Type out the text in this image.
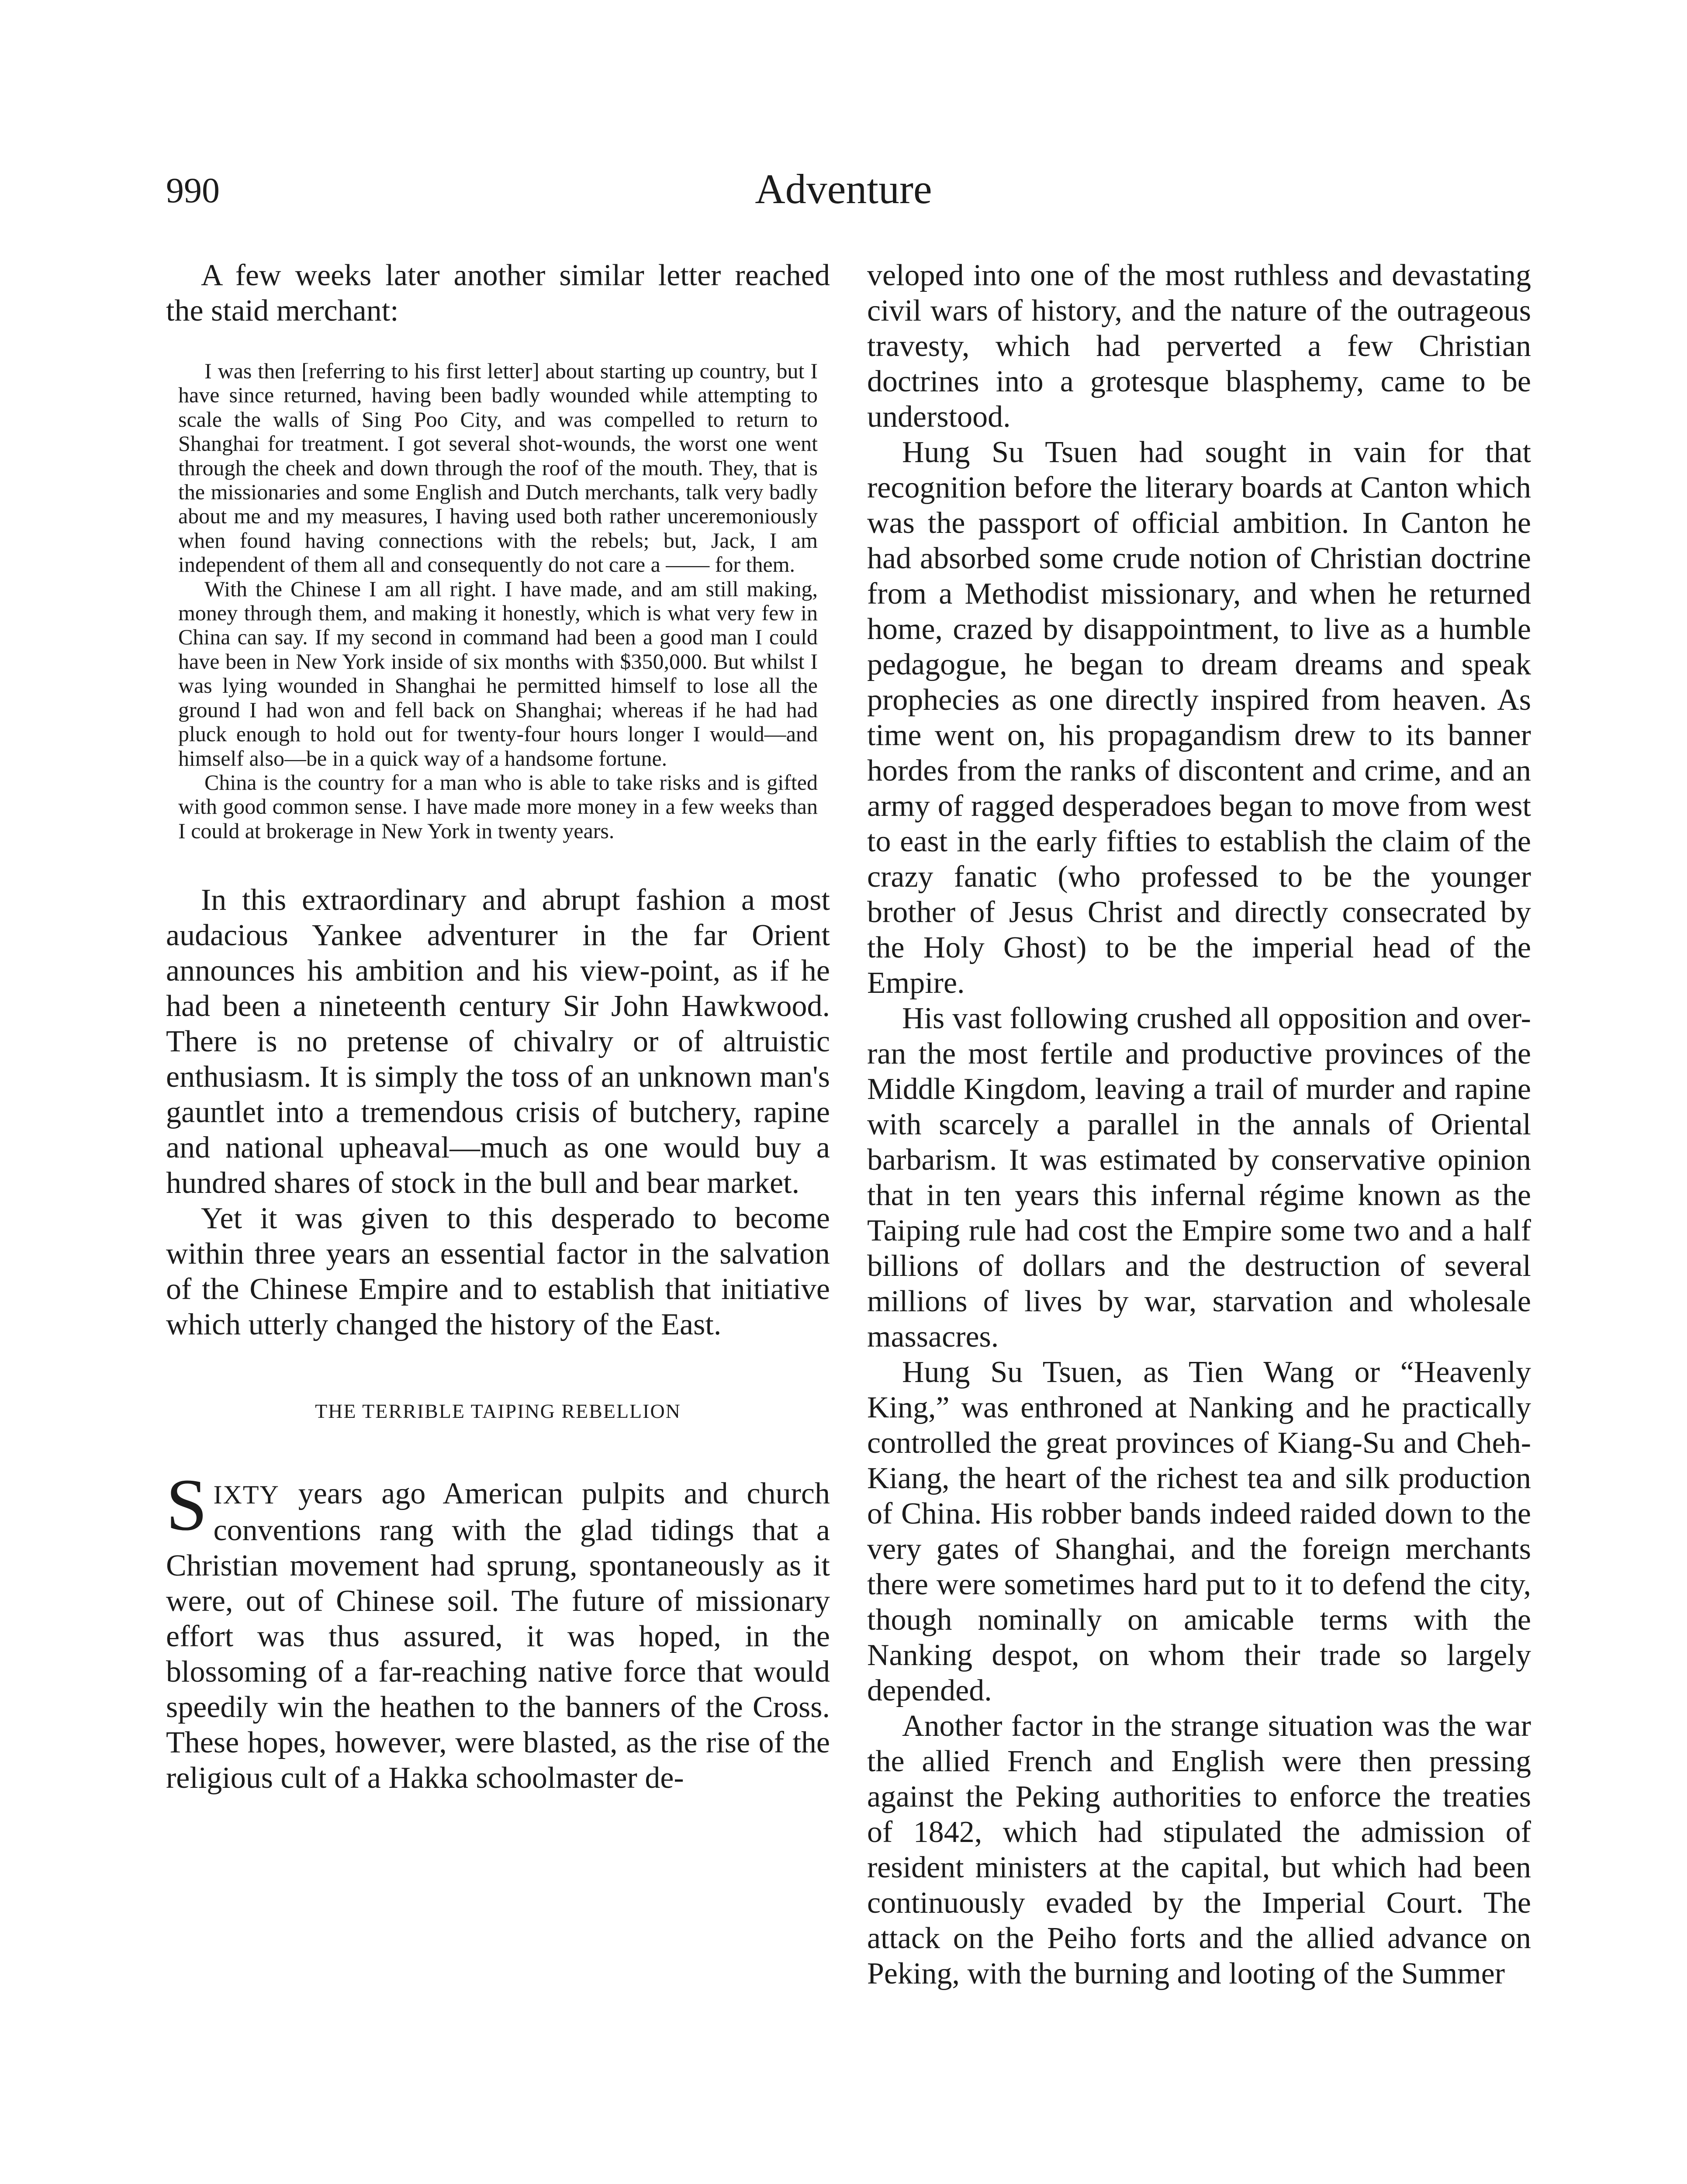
990	Adventure

A few weeks later another similar letter reached the staid merchant:

I was then [referring to his first letter] about starting up country, but I have since returned, having been badly wounded while attempting to scale the walls of Sing Poo City, and was compelled to return to Shanghai for treatment. I got several shot-wounds, the worst one went through the cheek and down through the roof of the mouth. They, that is the missionaries and some English and Dutch merchants, talk very badly about me and my measures, I having used both rather unceremoniously when found having connections with the rebels; but, Jack, I am independent of them all and consequently do not care a —— for them.

With the Chinese I am all right. I have made, and am still making, money through them, and making it honestly, which is what very few in China can say. If my second in command had been a good man I could have been in New York inside of six months with $350,000. But whilst I was lying wounded in Shanghai he permitted himself to lose all the ground I had won and fell back on Shanghai; whereas if he had had pluck enough to hold out for twenty-four hours longer I would—and himself also—be in a quick way of a handsome fortune.

China is the country for a man who is able to take risks and is gifted with good common sense. I have made more money in a few weeks than I could at brokerage in New York in twenty years.

In this extraordinary and abrupt fashion a most audacious Yankee adventurer in the far Orient announces his ambition and his view-point, as if he had been a nineteenth century Sir John Hawkwood. There is no pretense of chivalry or of altruistic enthusiasm. It is simply the toss of an unknown man's gauntlet into a tremendous crisis of butchery, rapine and national upheaval—much as one would buy a hundred shares of stock in the bull and bear market.

Yet it was given to this desperado to become within three years an essential factor in the salvation of the Chinese Empire and to establish that initiative which utterly changed the history of the East.

THE TERRIBLE TAIPING REBELLION

SIXTY years ago American pulpits and church conventions rang with the glad tidings that a Christian movement had sprung, spontaneously as it were, out of Chinese soil. The future of missionary effort was thus assured, it was hoped, in the blossoming of a far-reaching native force that would speedily win the heathen to the banners of the Cross. These hopes, however, were blasted, as the rise of the religious cult of a Hakka schoolmaster de-

veloped into one of the most ruthless and devastating civil wars of history, and the nature of the outrageous travesty, which had perverted a few Christian doctrines into a grotesque blasphemy, came to be understood.

Hung Su Tsuen had sought in vain for that recognition before the literary boards at Canton which was the passport of official ambition. In Canton he had absorbed some crude notion of Christian doctrine from a Methodist missionary, and when he returned home, crazed by disappointment, to live as a humble pedagogue, he began to dream dreams and speak prophecies as one directly inspired from heaven. As time went on, his propagandism drew to its banner hordes from the ranks of discontent and crime, and an army of ragged desperadoes began to move from west to east in the early fifties to establish the claim of the crazy fanatic (who professed to be the younger brother of Jesus Christ and directly consecrated by the Holy Ghost) to be the imperial head of the Empire.

His vast following crushed all opposition and over-ran the most fertile and productive provinces of the Middle Kingdom, leaving a trail of murder and rapine with scarcely a parallel in the annals of Oriental barbarism. It was estimated by conservative opinion that in ten years this infernal régime known as the Taiping rule had cost the Empire some two and a half billions of dollars and the destruction of several millions of lives by war, starvation and wholesale massacres.

Hung Su Tsuen, as Tien Wang or “Heavenly King,” was enthroned at Nanking and he practically controlled the great provinces of Kiang-Su and Cheh-Kiang, the heart of the richest tea and silk production of China. His robber bands indeed raided down to the very gates of Shanghai, and the foreign merchants there were sometimes hard put to it to defend the city, though nominally on amicable terms with the Nanking despot, on whom their trade so largely depended.

Another factor in the strange situation was the war the allied French and English were then pressing against the Peking authorities to enforce the treaties of 1842, which had stipulated the admission of resident ministers at the capital, but which had been continuously evaded by the Imperial Court. The attack on the Peiho forts and the allied advance on Peking, with the burning and looting of the Summer
